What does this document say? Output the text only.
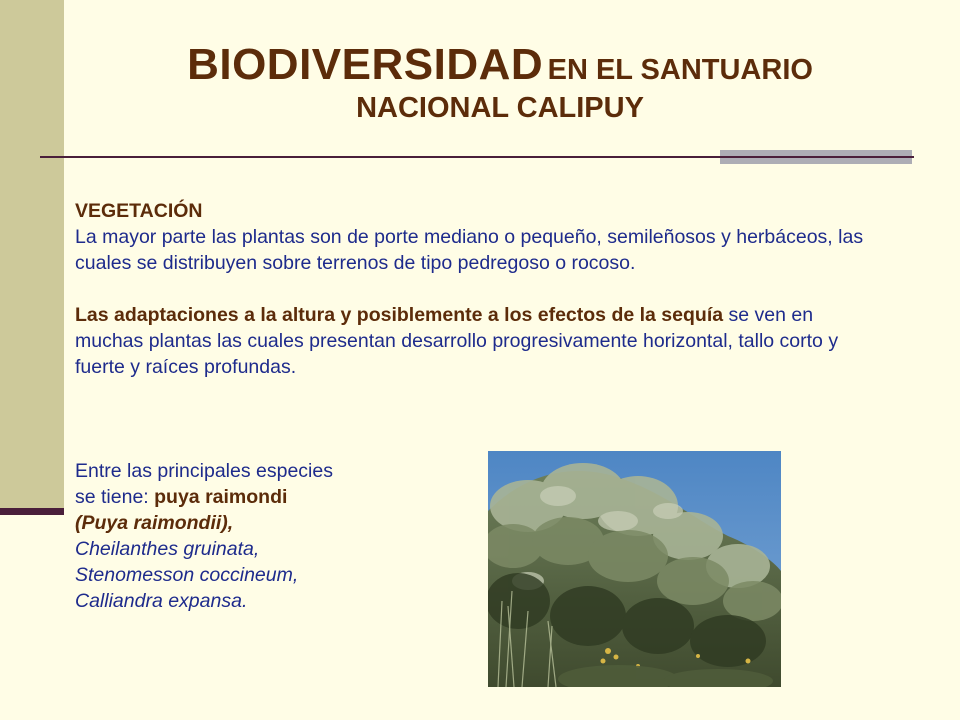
BIODIVERSIDAD EN EL SANTUARIO
NACIONAL CALIPUY
VEGETACIÓN

La mayor parte las plantas son de porte mediano o pequeño, semileñosos y herbáceos, las cuales se distribuyen sobre terrenos de tipo pedregoso o rocoso.

Las adaptaciones a la altura y posiblemente a los efectos de la sequía se ven en muchas plantas las cuales presentan desarrollo progresivamente horizontal, tallo corto y fuerte y raíces profundas.

Entre las principales especies
se tiene: puya raimondi
(Puya raimondii),
Cheilanthes gruinata,
Stenomesson coccineum,
Calliandra expansa.
